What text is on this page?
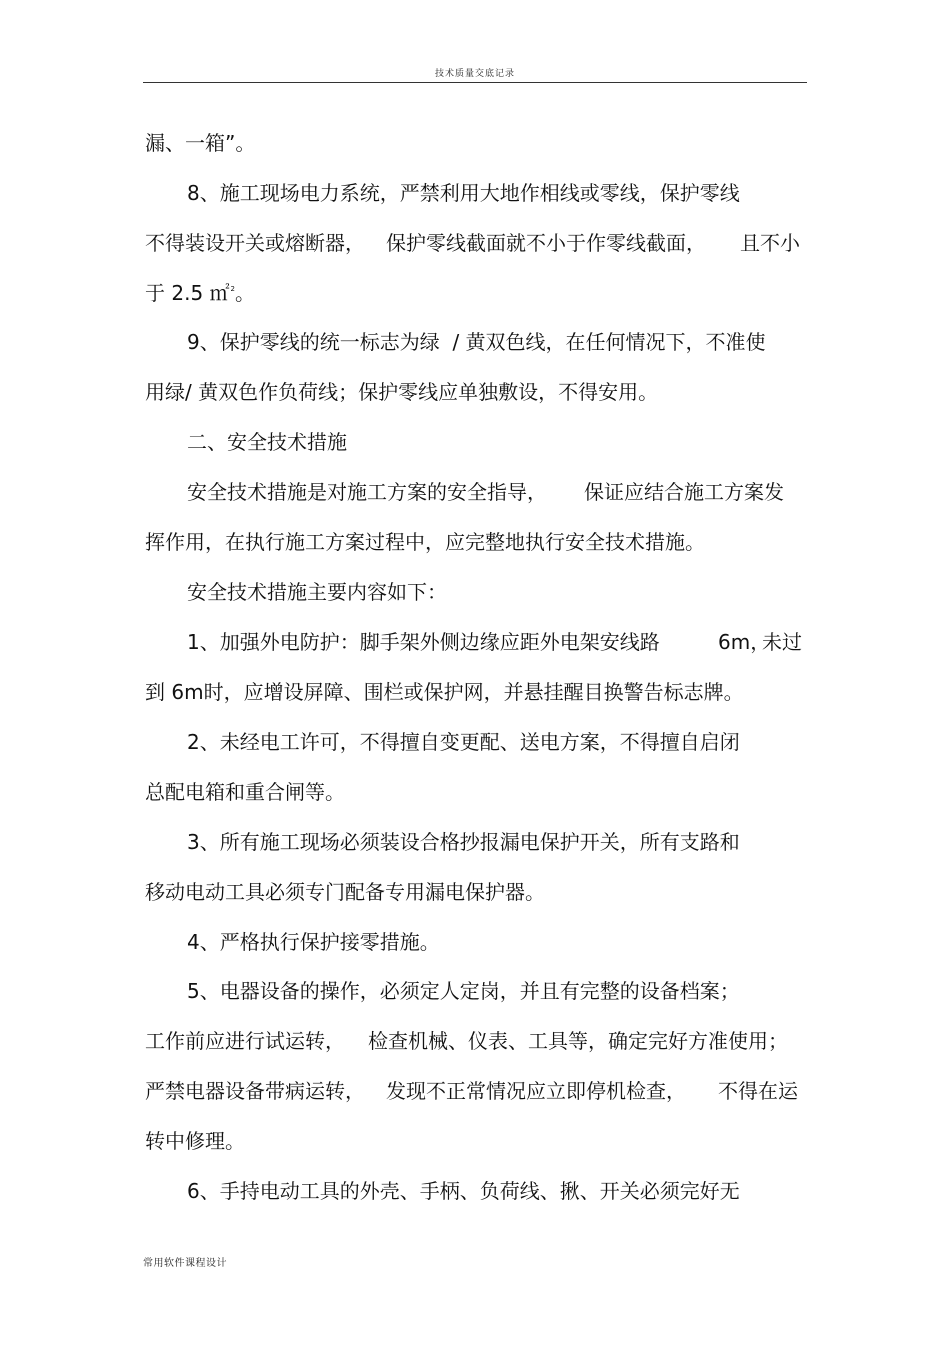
技术质量交底记录
漏、一箱”。
8、施工现场电力系统，严禁利用大地作相线或零线，保护零线
不得装设开关或熔断器， 保护零线截面就不小于作零线截面， 且不小
于 2.5 ㎡$^2$。
9、保护零线的统一标志为绿  / 黄双色线，在任何情况下，不准使
用绿/ 黄双色作负荷线；保护零线应单独敷设，不得安用。
二、安全技术措施
安全技术措施是对施工方案的安全指导， 保证应结合施工方案发
挥作用，在执行施工方案过程中，应完整地执行安全技术措施。
安全技术措施主要内容如下：
1、加强外电防护：脚手架外侧边缘应距外电架安线路	6m，
未过
到 6m时，应增设屏障、围栏或保护网，并悬挂醒目换警告标志牌。
2、未经电工许可，不得擅自变更配、送电方案，不得擅自启闭
总配电箱和重合闸等。
3、所有施工现场必须装设合格抄报漏电保护开关，所有支路和
移动电动工具必须专门配备专用漏电保护器。
4、严格执行保护接零措施。
5、电器设备的操作，必须定人定岗，并且有完整的设备档案；
工作前应进行试运转， 检查机械、仪表、工具等，确定完好方准使用；
严禁电器设备带病运转， 发现不正常情况应立即停机检查， 不得在运
转中修理。
6、手持电动工具的外壳、手柄、负荷线、揪、开关必须完好无
常用软件课程设计
